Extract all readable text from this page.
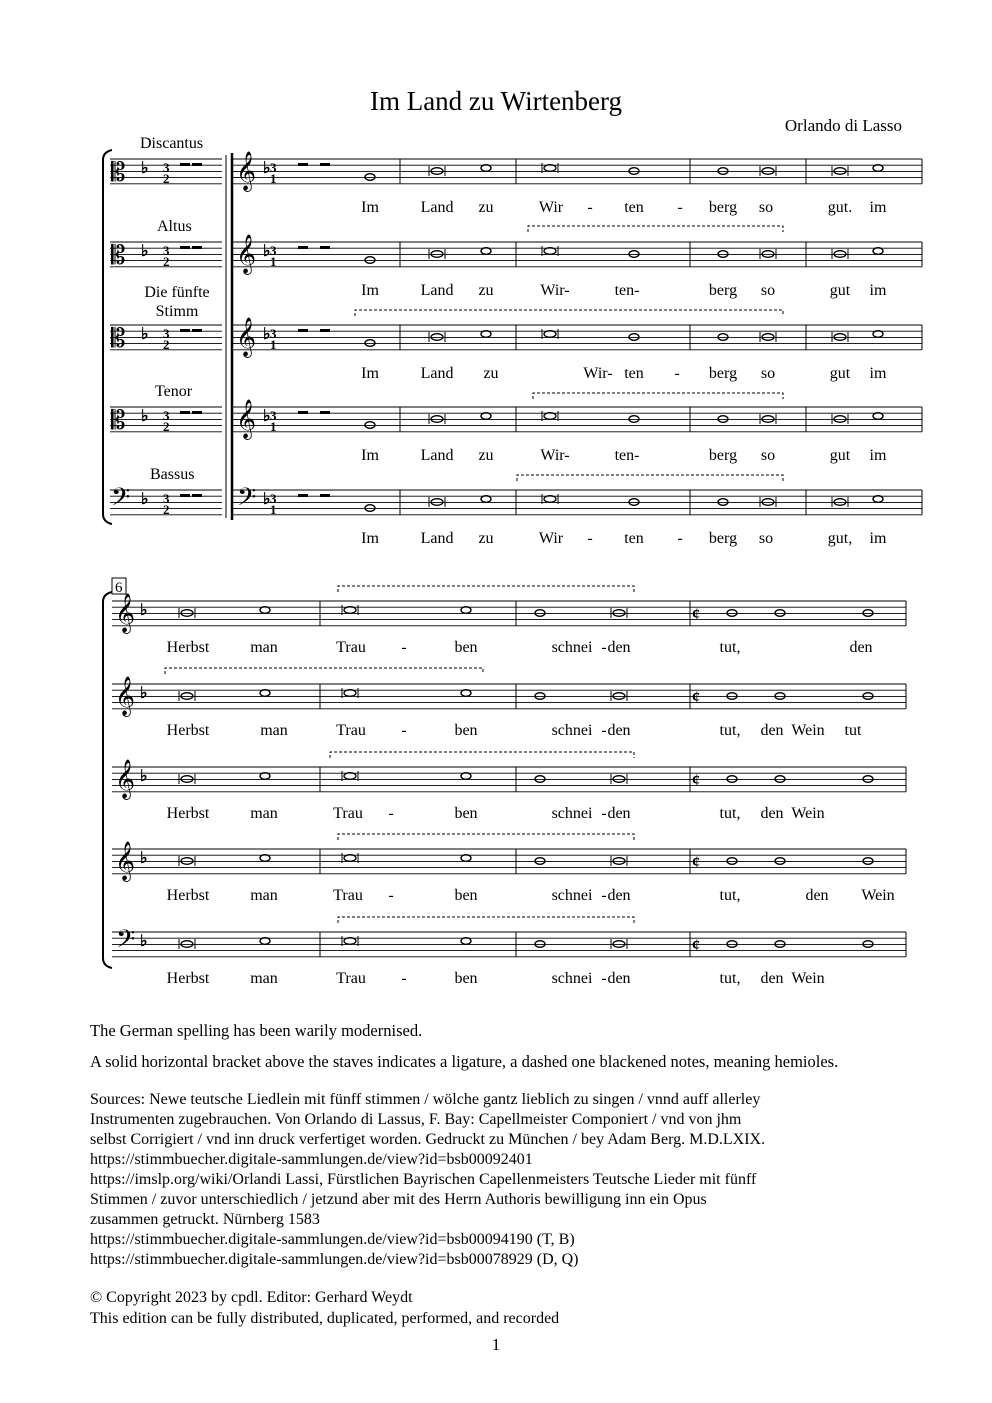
Im Land zu Wirtenberg
Orlando di Lasso
Discantus
Altus
Die fünfte Stimm
Tenor
Bassus
𝄡	𝄞
♭	♭
3
2
3
1
𝄡	𝄞
♭	♭
3
2
3
1
𝄡	𝄞
♭	♭
3
2
3
1
𝄡	𝄞
♭	♭
3
2
3
1
𝄢	𝄢
♭	♭
3
2
3
1
𝄞 ♭	¢
𝄞 ♭	¢
𝄞 ♭	¢
𝄞 ♭	¢
𝄢 ♭	¢
Im	Land zu	Wir - ten - berg so	gut. im
Im	Land zu	Wir-	ten-	berg so	gut im
Im	Land zu	Wir- ten - berg so	gut im
Im	Land zu	Wir-	ten-	berg so	gut im
Im	Land zu	Wir - ten - berg so	gut, im
6
Herbst	man	Trau -	ben	schnei - den	tut,	den
Herbst	man	Trau -	ben	schnei - den	tut, den Wein tut
Herbst	man	Trau -	ben	schnei - den	tut, den Wein
Herbst	man	Trau -	ben	schnei - den	tut,	den Wein
Herbst	man	Trau -	ben	schnei - den	tut, den Wein
The German spelling has been warily modernised.
A solid horizontal bracket above the staves indicates a ligature, a dashed one blackened notes, meaning hemioles.
Sources: Newe teutsche Liedlein mit fünff stimmen / wölche gantz lieblich zu singen / vnnd auff allerley
Instrumenten zugebrauchen. Von Orlando di Lassus, F. Bay: Capellmeister Componiert / vnd von jhm
selbst Corrigiert / vnd inn druck verfertiget worden. Gedruckt zu München / bey Adam Berg. M.D.LXIX.
https://stimmbuecher.digitale-sammlungen.de/view?id=bsb00092401
https://imslp.org/wiki/Orlandi Lassi, Fürstlichen Bayrischen Capellenmeisters Teutsche Lieder mit fünff
Stimmen / zuvor unterschiedlich / jetzund aber mit des Herrn Authoris bewilligung inn ein Opus
zusammen getruckt. Nürnberg 1583
https://stimmbuecher.digitale-sammlungen.de/view?id=bsb00094190 (T, B)
https://stimmbuecher.digitale-sammlungen.de/view?id=bsb00078929 (D, Q)
© Copyright 2023 by cpdl. Editor: Gerhard Weydt
This edition can be fully distributed, duplicated, performed, and recorded
1
